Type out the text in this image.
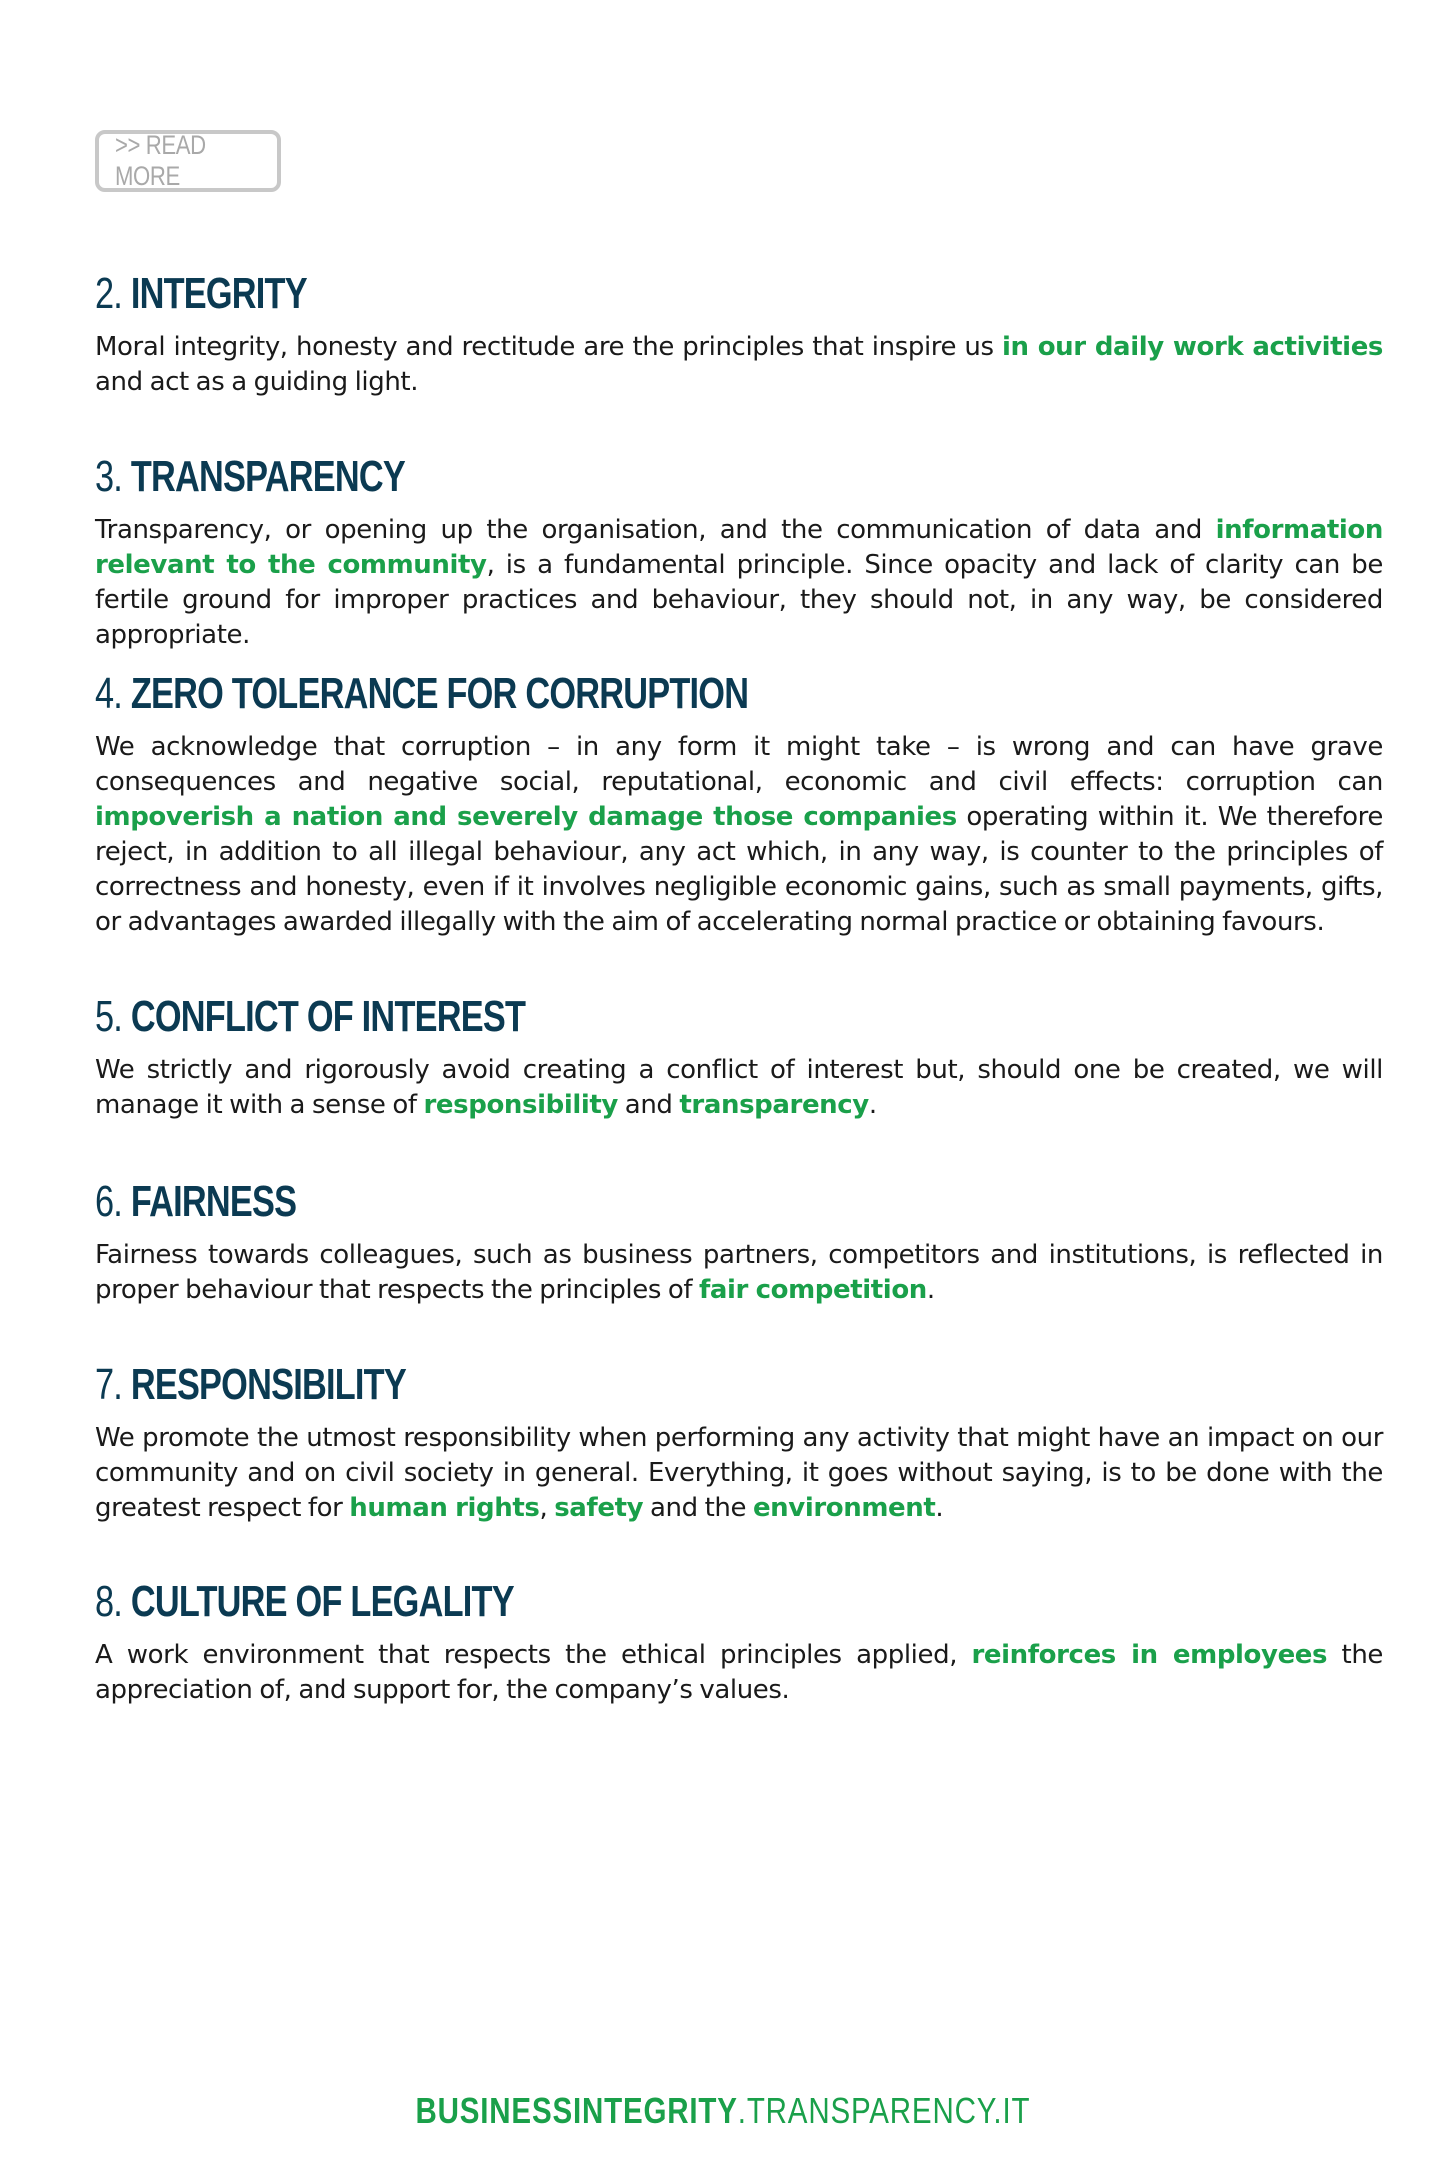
>> READ MORE
2. INTEGRITY

Moral integrity, honesty and rectitude are the principles that inspire us in our daily work activities and act as a guiding light.

3. TRANSPARENCY

Transparency, or opening up the organisation, and the communication of data and information relevant to the community, is a fundamental principle. Since opacity and lack of clarity can be fertile ground for improper practices and behaviour, they should not, in any way, be considered appropriate.

4. ZERO TOLERANCE FOR CORRUPTION

We acknowledge that corruption – in any form it might take – is wrong and can have grave consequences and negative social, reputational, economic and civil effects: corruption can impoverish a nation and severely damage those companies operating within it. We therefore reject, in addition to all illegal behaviour, any act which, in any way, is counter to the principles of correctness and honesty, even if it involves negligible economic gains, such as small payments, gifts, or advantages awarded illegally with the aim of accelerating normal practice or obtaining favours.

5. CONFLICT OF INTEREST

We strictly and rigorously avoid creating a conflict of interest but, should one be created, we will manage it with a sense of responsibility and transparency.

6. FAIRNESS

Fairness towards colleagues, such as business partners, competitors and institutions, is reflected in proper behaviour that respects the principles of fair competition.

7. RESPONSIBILITY

We promote the utmost responsibility when performing any activity that might have an impact on our community and on civil society in general. Everything, it goes without saying, is to be done with the greatest respect for human rights, safety and the environment.

8. CULTURE OF LEGALITY

A work environment that respects the ethical principles applied, reinforces in employees the appreciation of, and support for, the company’s values.

BUSINESSINTEGRITY.TRANSPARENCY.IT
